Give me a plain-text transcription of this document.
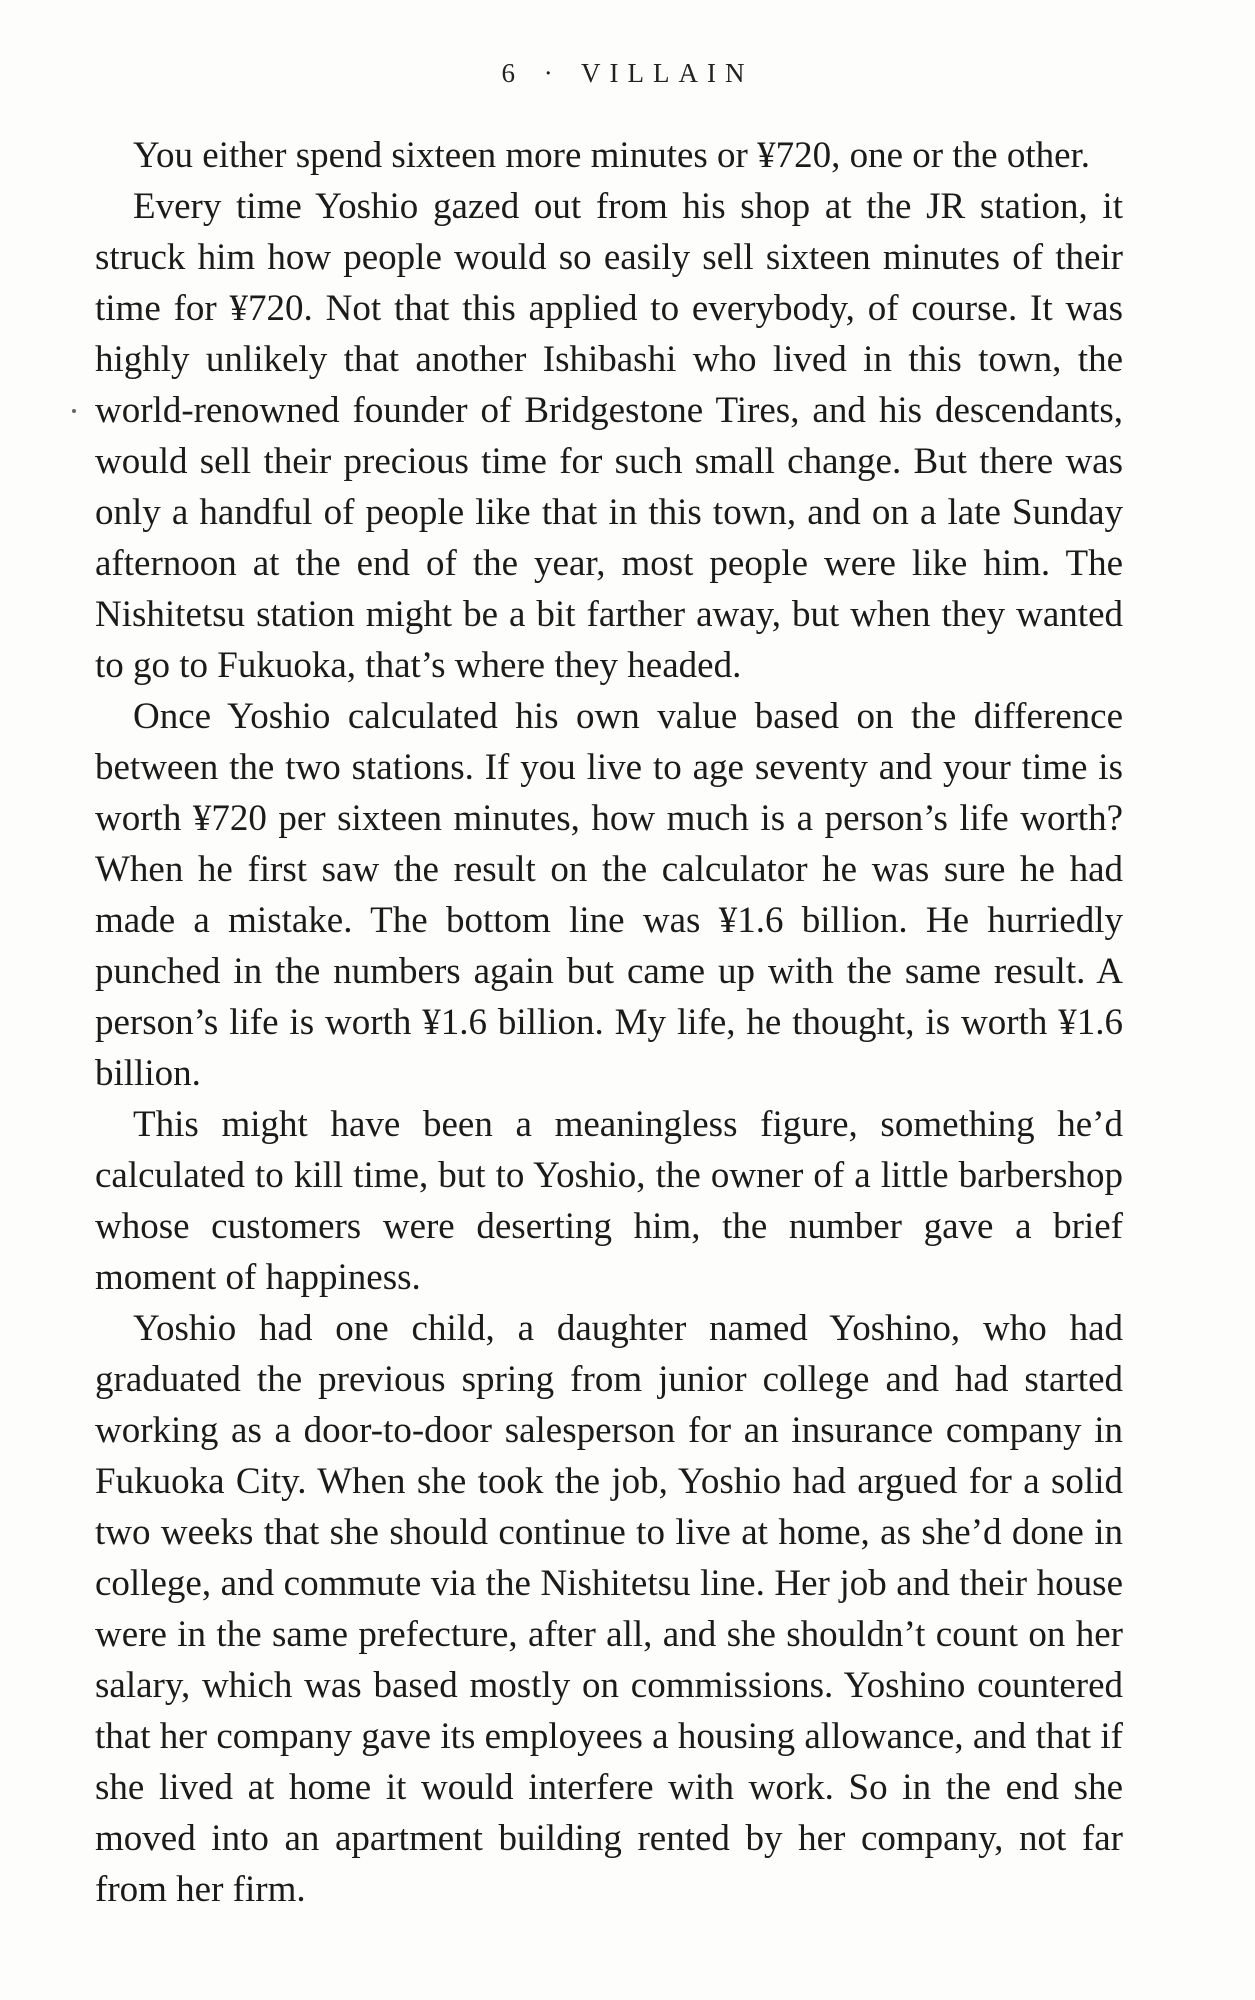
6 · VILLAIN

You either spend sixteen more minutes or ¥720, one or the other.

Every time Yoshio gazed out from his shop at the JR station, it struck him how people would so easily sell sixteen minutes of their time for ¥720. Not that this applied to everybody, of course. It was highly unlikely that another Ishibashi who lived in this town, the world-renowned founder of Bridgestone Tires, and his descendants, would sell their precious time for such small change. But there was only a handful of people like that in this town, and on a late Sunday afternoon at the end of the year, most people were like him. The Nishitetsu station might be a bit farther away, but when they wanted to go to Fukuoka, that’s where they headed.

Once Yoshio calculated his own value based on the difference between the two stations. If you live to age seventy and your time is worth ¥720 per sixteen minutes, how much is a person’s life worth? When he first saw the result on the calculator he was sure he had made a mistake. The bottom line was ¥1.6 billion. He hurriedly punched in the numbers again but came up with the same result. A person’s life is worth ¥1.6 billion. My life, he thought, is worth ¥1.6 billion.

This might have been a meaningless figure, something he’d calculated to kill time, but to Yoshio, the owner of a little barbershop whose customers were deserting him, the number gave a brief moment of happiness.

Yoshio had one child, a daughter named Yoshino, who had graduated the previous spring from junior college and had started working as a door-to-door salesperson for an insurance company in Fukuoka City. When she took the job, Yoshio had argued for a solid two weeks that she should continue to live at home, as she’d done in college, and commute via the Nishitetsu line. Her job and their house were in the same prefecture, after all, and she shouldn’t count on her salary, which was based mostly on commissions. Yoshino countered that her company gave its employees a housing allowance, and that if she lived at home it would interfere with work. So in the end she moved into an apartment building rented by her company, not far from her firm.
